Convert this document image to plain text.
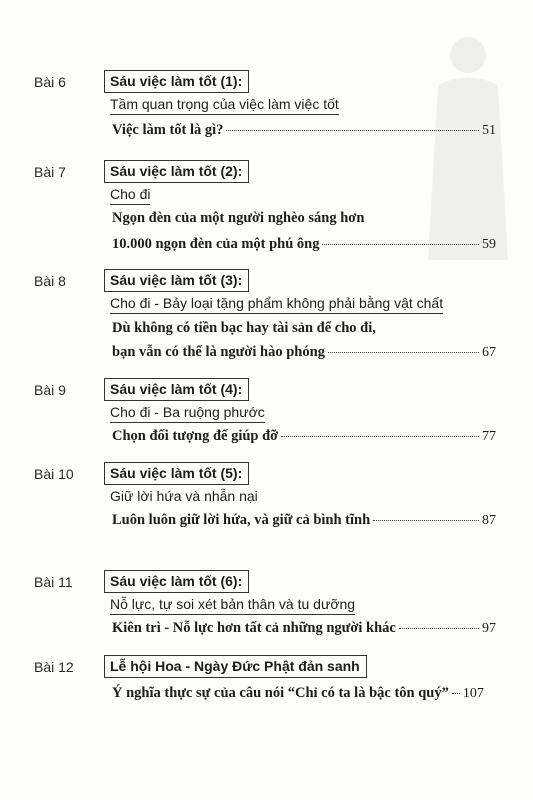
Bài 6	Sáu việc làm tốt (1):
Tầm quan trọng của việc làm việc tốt
Việc làm tốt là gì?	51
Bài 7	Sáu việc làm tốt (2):
Cho đi
Ngọn đèn của một người nghèo sáng hơn
10.000 ngọn đèn của một phú ông	59
Bài 8	Sáu việc làm tốt (3):
Cho đi - Bảy loại tặng phẩm không phải bằng vật chất
Dù không có tiền bạc hay tài sản để cho đi,
bạn vẫn có thể là người hào phóng	67
Bài 9	Sáu việc làm tốt (4):
Cho đi - Ba ruộng phước
Chọn đối tượng để giúp đỡ	77
Bài 10	Sáu việc làm tốt (5):
Giữ lời hứa và nhẫn nại
Luôn luôn giữ lời hứa, và giữ cả bình tĩnh	87
Bài 11	Sáu việc làm tốt (6):
Nỗ lực, tự soi xét bản thân và tu dưỡng
Kiên trì - Nỗ lực hơn tất cả những người khác	97
Bài 12	Lễ hội Hoa - Ngày Đức Phật đản sanh
Ý nghĩa thực sự của câu nói “Chỉ có ta là bậc tôn quý” 107
